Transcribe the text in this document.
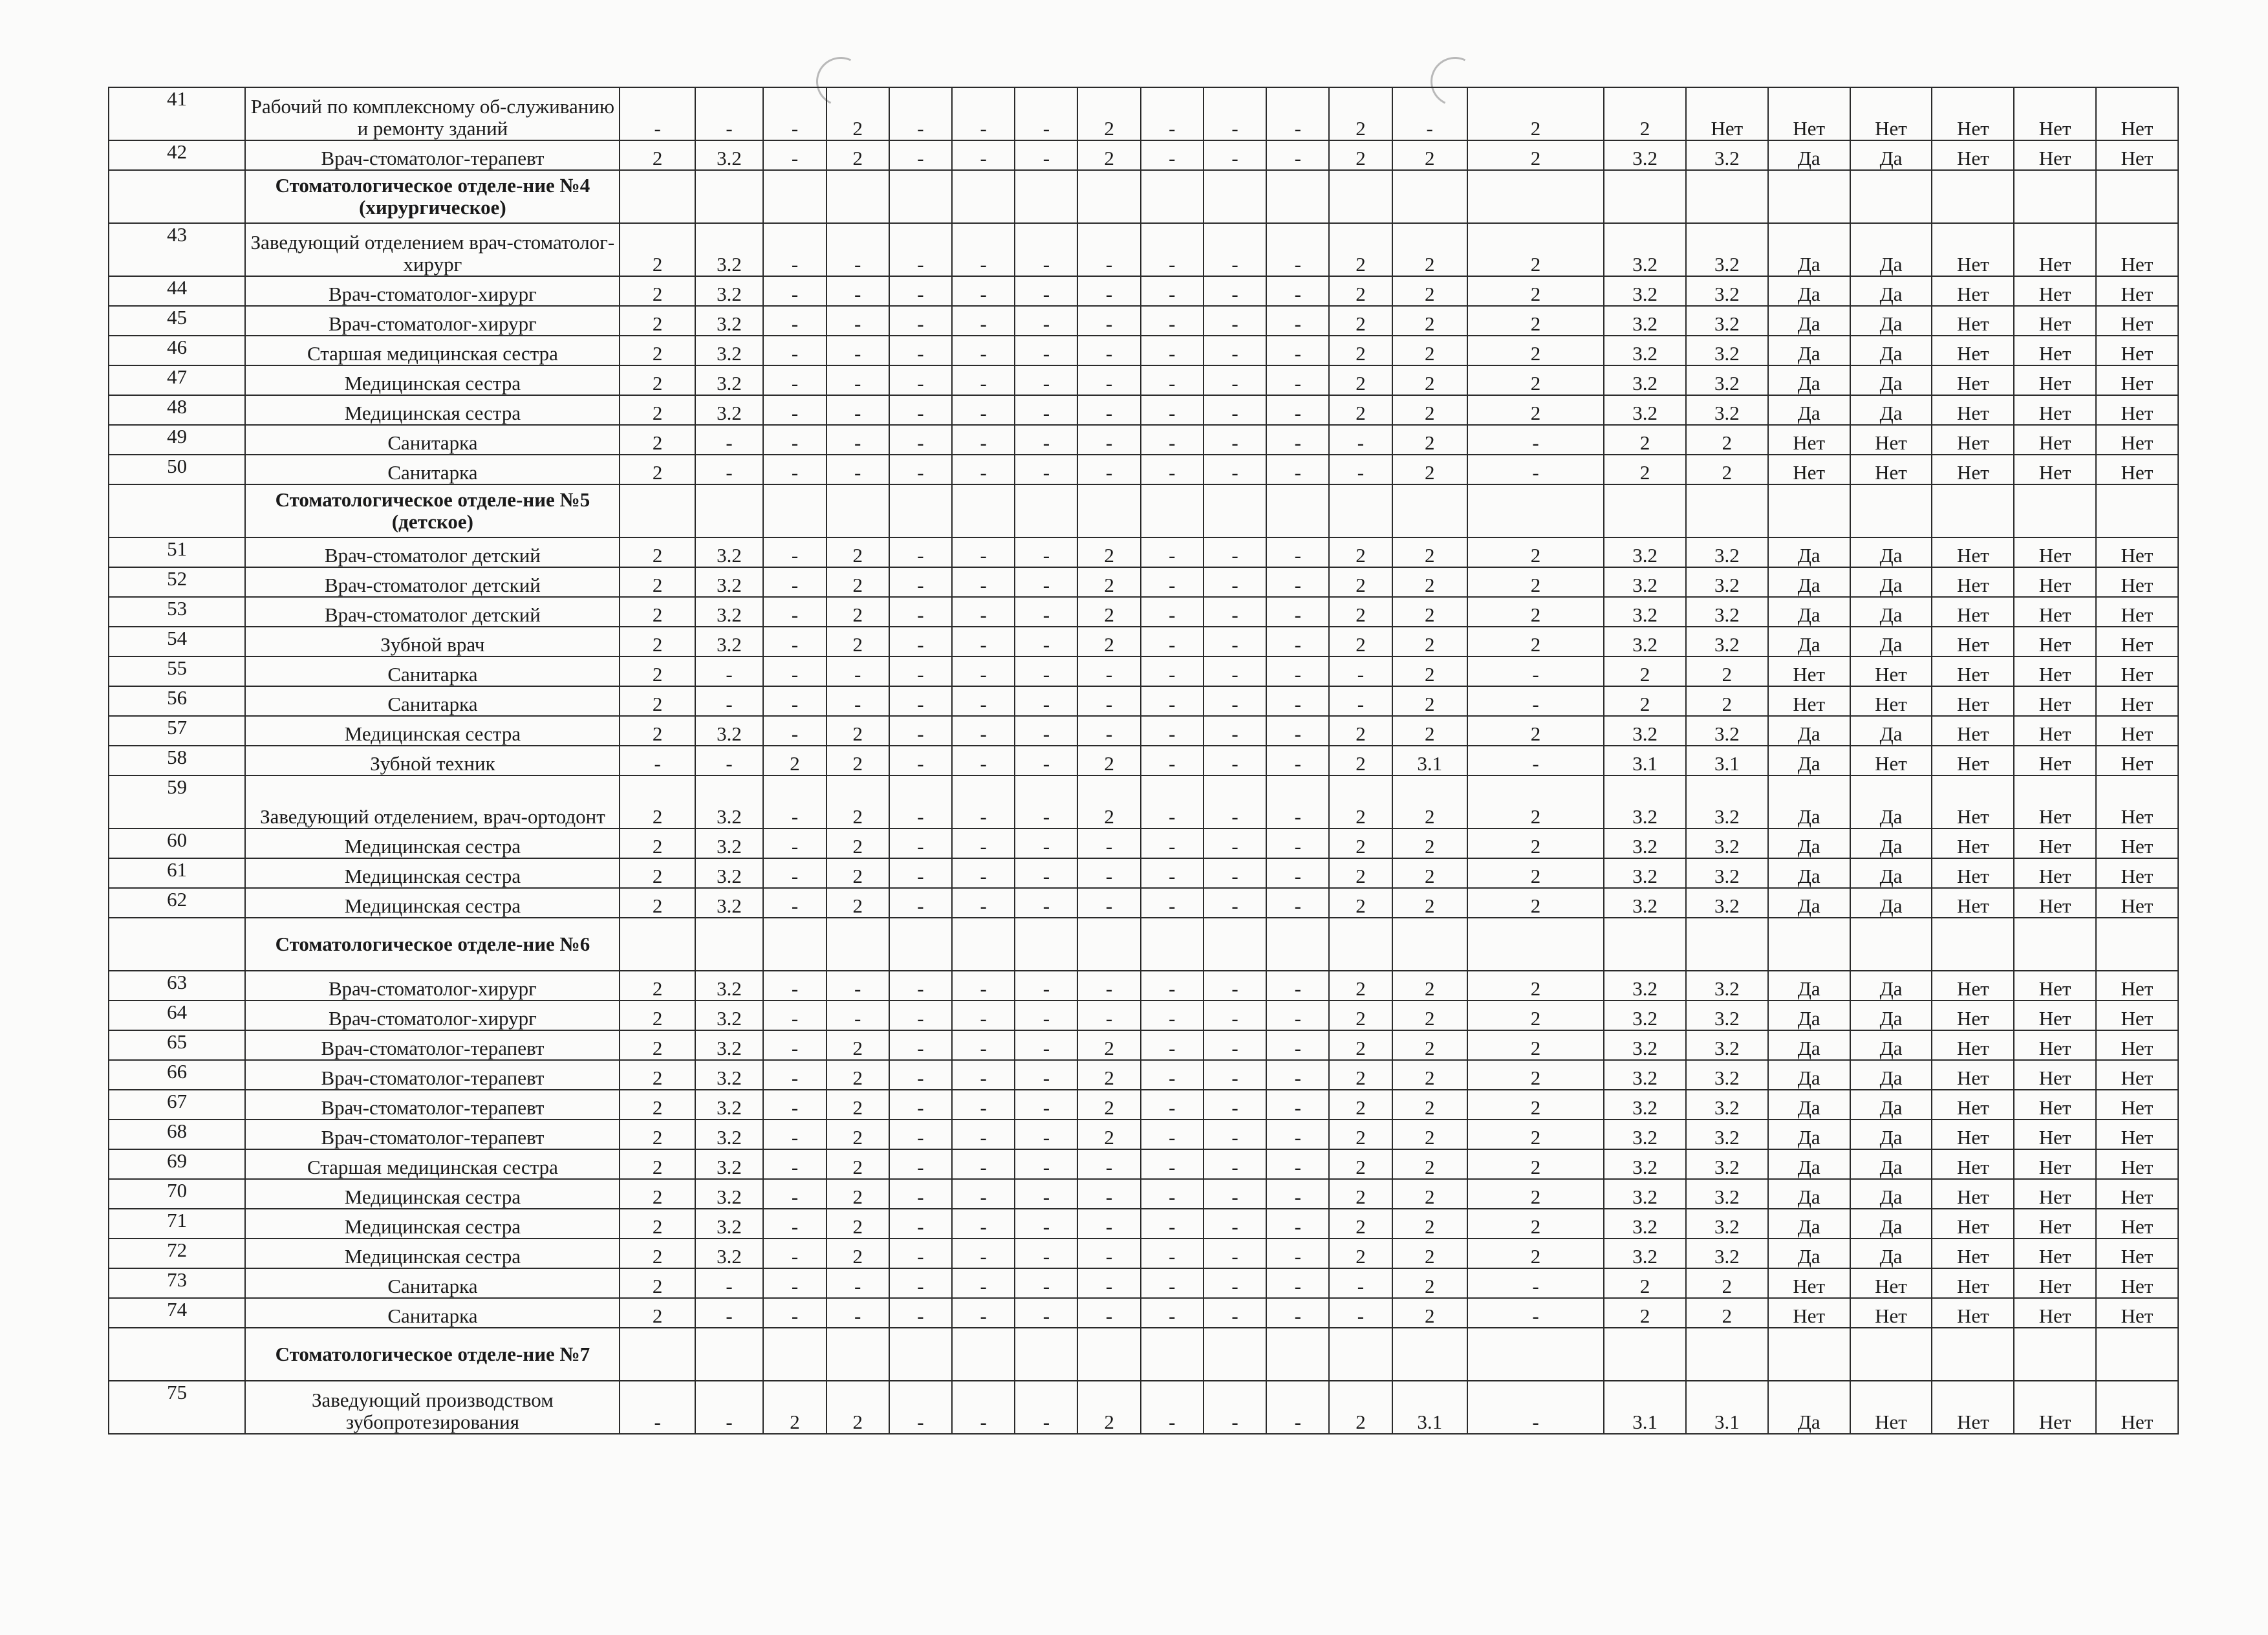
41	Рабочий по комплексному об-служиванию и ремонту зданий	-	-	-	2	-	-	-	2	-	-	-	2	-	2	2	Нет	Нет	Нет	Нет	Нет	Нет
42	Врач-стоматолог-терапевт	2	3.2	-	2	-	-	-	2	-	-	-	2	2	2	3.2	3.2	Да	Да	Нет	Нет	Нет
	Стоматологическое отделе-ние №4 (хирургическое)																					
43	Заведующий отделением врач-стоматолог-хирург	2	3.2	-	-	-	-	-	-	-	-	-	2	2	2	3.2	3.2	Да	Да	Нет	Нет	Нет
44	Врач-стоматолог-хирург	2	3.2	-	-	-	-	-	-	-	-	-	2	2	2	3.2	3.2	Да	Да	Нет	Нет	Нет
45	Врач-стоматолог-хирург	2	3.2	-	-	-	-	-	-	-	-	-	2	2	2	3.2	3.2	Да	Да	Нет	Нет	Нет
46	Старшая медицинская сестра	2	3.2	-	-	-	-	-	-	-	-	-	2	2	2	3.2	3.2	Да	Да	Нет	Нет	Нет
47	Медицинская сестра	2	3.2	-	-	-	-	-	-	-	-	-	2	2	2	3.2	3.2	Да	Да	Нет	Нет	Нет
48	Медицинская сестра	2	3.2	-	-	-	-	-	-	-	-	-	2	2	2	3.2	3.2	Да	Да	Нет	Нет	Нет
49	Санитарка	2	-	-	-	-	-	-	-	-	-	-	-	2	-	2	2	Нет	Нет	Нет	Нет	Нет
50	Санитарка	2	-	-	-	-	-	-	-	-	-	-	-	2	-	2	2	Нет	Нет	Нет	Нет	Нет
	Стоматологическое отделе-ние №5 (детское)																					
51	Врач-стоматолог детский	2	3.2	-	2	-	-	-	2	-	-	-	2	2	2	3.2	3.2	Да	Да	Нет	Нет	Нет
52	Врач-стоматолог детский	2	3.2	-	2	-	-	-	2	-	-	-	2	2	2	3.2	3.2	Да	Да	Нет	Нет	Нет
53	Врач-стоматолог детский	2	3.2	-	2	-	-	-	2	-	-	-	2	2	2	3.2	3.2	Да	Да	Нет	Нет	Нет
54	Зубной врач	2	3.2	-	2	-	-	-	2	-	-	-	2	2	2	3.2	3.2	Да	Да	Нет	Нет	Нет
55	Санитарка	2	-	-	-	-	-	-	-	-	-	-	-	2	-	2	2	Нет	Нет	Нет	Нет	Нет
56	Санитарка	2	-	-	-	-	-	-	-	-	-	-	-	2	-	2	2	Нет	Нет	Нет	Нет	Нет
57	Медицинская сестра	2	3.2	-	2	-	-	-	-	-	-	-	2	2	2	3.2	3.2	Да	Да	Нет	Нет	Нет
58	Зубной техник	-	-	2	2	-	-	-	2	-	-	-	2	3.1	-	3.1	3.1	Да	Нет	Нет	Нет	Нет
59	Заведующий отделением, врач-ортодонт	2	3.2	-	2	-	-	-	2	-	-	-	2	2	2	3.2	3.2	Да	Да	Нет	Нет	Нет
60	Медицинская сестра	2	3.2	-	2	-	-	-	-	-	-	-	2	2	2	3.2	3.2	Да	Да	Нет	Нет	Нет
61	Медицинская сестра	2	3.2	-	2	-	-	-	-	-	-	-	2	2	2	3.2	3.2	Да	Да	Нет	Нет	Нет
62	Медицинская сестра	2	3.2	-	2	-	-	-	-	-	-	-	2	2	2	3.2	3.2	Да	Да	Нет	Нет	Нет
	Стоматологическое отделе-ние №6																					
63	Врач-стоматолог-хирург	2	3.2	-	-	-	-	-	-	-	-	-	2	2	2	3.2	3.2	Да	Да	Нет	Нет	Нет
64	Врач-стоматолог-хирург	2	3.2	-	-	-	-	-	-	-	-	-	2	2	2	3.2	3.2	Да	Да	Нет	Нет	Нет
65	Врач-стоматолог-терапевт	2	3.2	-	2	-	-	-	2	-	-	-	2	2	2	3.2	3.2	Да	Да	Нет	Нет	Нет
66	Врач-стоматолог-терапевт	2	3.2	-	2	-	-	-	2	-	-	-	2	2	2	3.2	3.2	Да	Да	Нет	Нет	Нет
67	Врач-стоматолог-терапевт	2	3.2	-	2	-	-	-	2	-	-	-	2	2	2	3.2	3.2	Да	Да	Нет	Нет	Нет
68	Врач-стоматолог-терапевт	2	3.2	-	2	-	-	-	2	-	-	-	2	2	2	3.2	3.2	Да	Да	Нет	Нет	Нет
69	Старшая медицинская сестра	2	3.2	-	2	-	-	-	-	-	-	-	2	2	2	3.2	3.2	Да	Да	Нет	Нет	Нет
70	Медицинская сестра	2	3.2	-	2	-	-	-	-	-	-	-	2	2	2	3.2	3.2	Да	Да	Нет	Нет	Нет
71	Медицинская сестра	2	3.2	-	2	-	-	-	-	-	-	-	2	2	2	3.2	3.2	Да	Да	Нет	Нет	Нет
72	Медицинская сестра	2	3.2	-	2	-	-	-	-	-	-	-	2	2	2	3.2	3.2	Да	Да	Нет	Нет	Нет
73	Санитарка	2	-	-	-	-	-	-	-	-	-	-	-	2	-	2	2	Нет	Нет	Нет	Нет	Нет
74	Санитарка	2	-	-	-	-	-	-	-	-	-	-	-	2	-	2	2	Нет	Нет	Нет	Нет	Нет
	Стоматологическое отделе-ние №7																					
75	Заведующий производством зубопротезирования	-	-	2	2	-	-	-	2	-	-	-	2	3.1	-	3.1	3.1	Да	Нет	Нет	Нет	Нет
